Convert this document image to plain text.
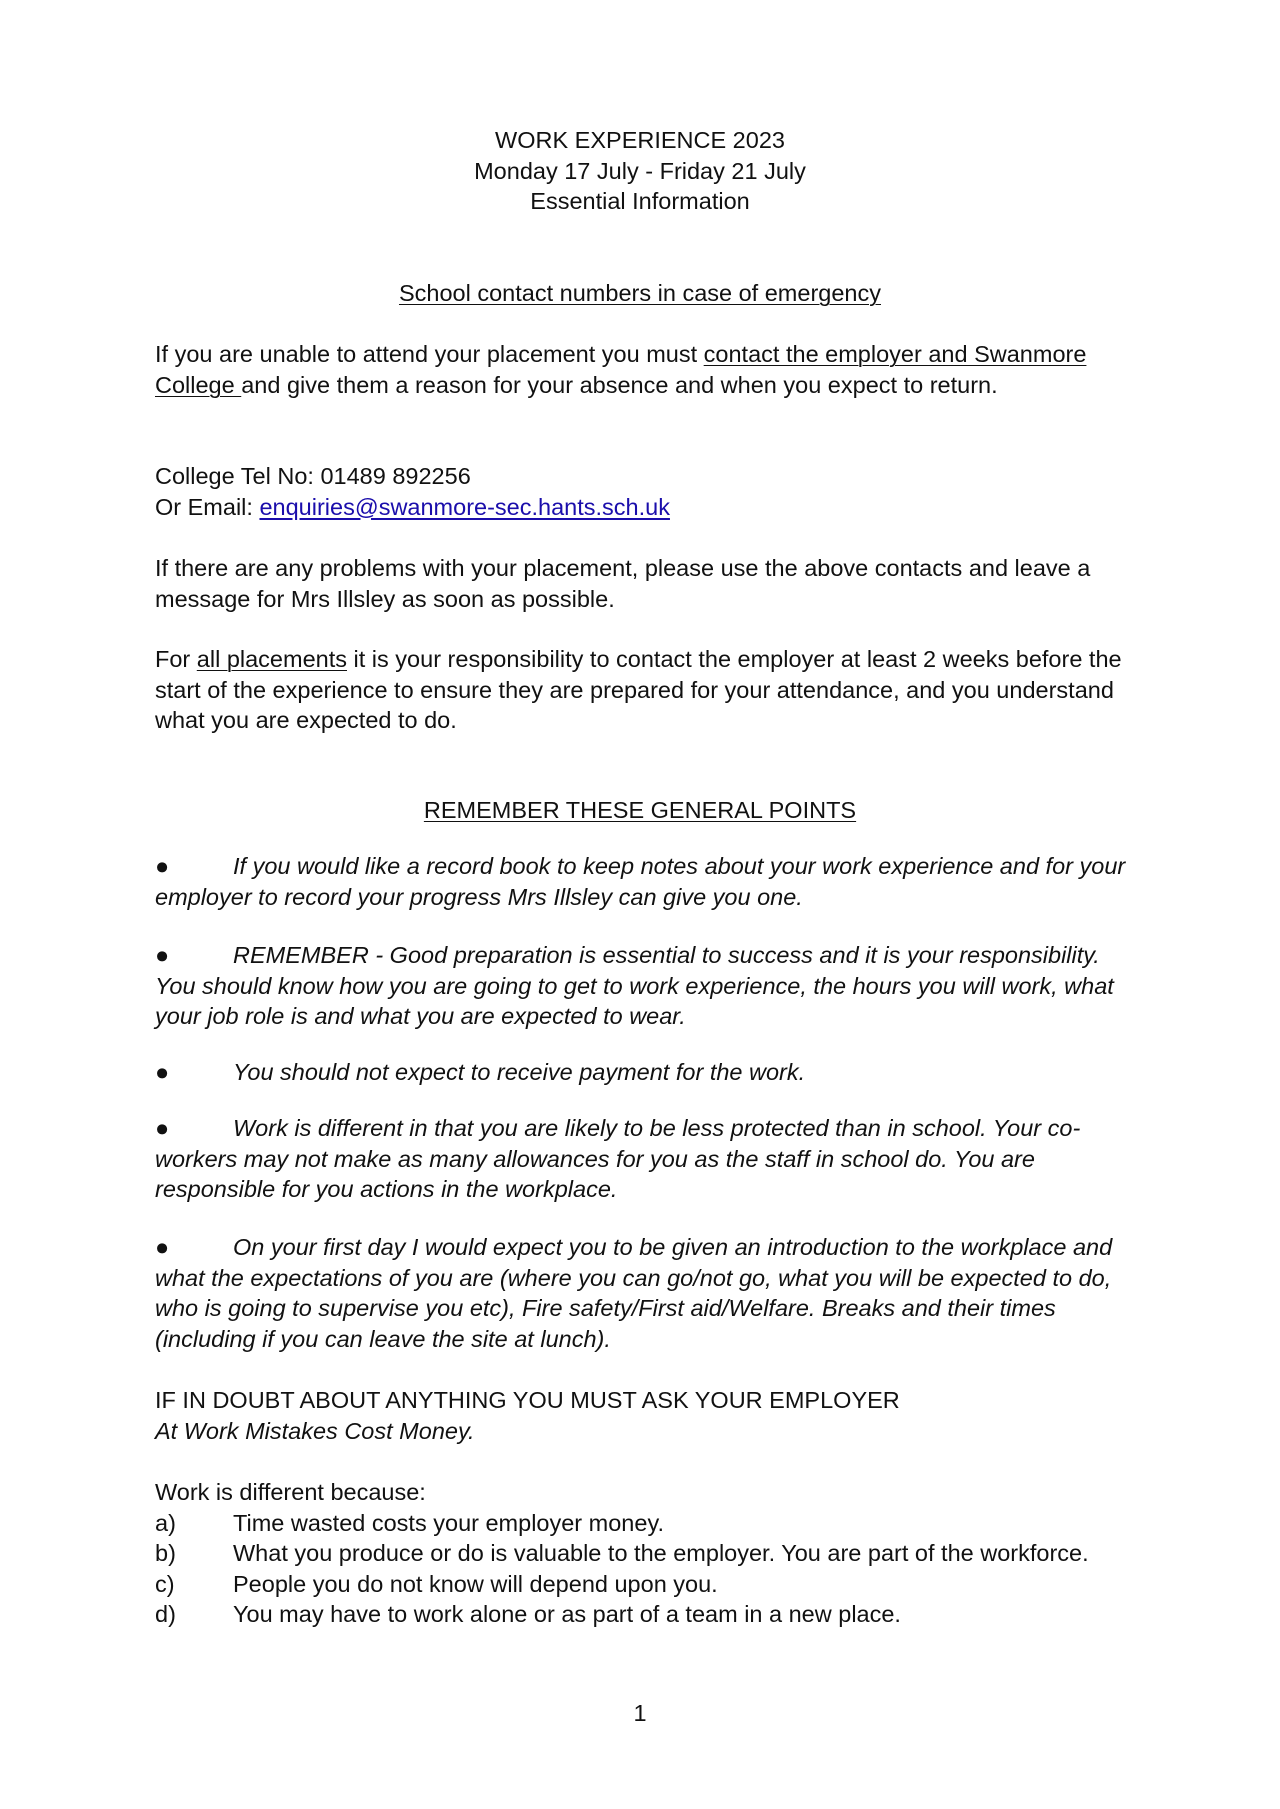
WORK EXPERIENCE 2023
Monday 17 July - Friday 21 July
Essential Information
School contact numbers in case of emergency

If you are unable to attend your placement you must contact the employer and Swanmore College and give them a reason for your absence and when you expect to return.

College Tel No: 01489 892256

Or Email: enquiries@swanmore-sec.hants.sch.uk

If there are any problems with your placement, please use the above contacts and leave a message for Mrs Illsley as soon as possible.

For all placements it is your responsibility to contact the employer at least 2 weeks before the start of the experience to ensure they are prepared for your attendance, and you understand what you are expected to do.

REMEMBER THESE GENERAL POINTS

●	If you would like a record book to keep notes about your work experience and for your employer to record your progress Mrs Illsley can give you one.

●	REMEMBER - Good preparation is essential to success and it is your responsibility. You should know how you are going to get to work experience, the hours you will work, what your job role is and what you are expected to wear.

●	You should not expect to receive payment for the work.

●	Work is different in that you are likely to be less protected than in school. Your co-workers may not make as many allowances for you as the staff in school do. You are responsible for you actions in the workplace.

●	On your first day I would expect you to be given an introduction to the workplace and what the expectations of you are (where you can go/not go, what you will be expected to do, who is going to supervise you etc), Fire safety/First aid/Welfare. Breaks and their times (including if you can leave the site at lunch).

IF IN DOUBT ABOUT ANYTHING YOU MUST ASK YOUR EMPLOYER

At Work Mistakes Cost Money.

Work is different because:

a) Time wasted costs your employer money.

b) What you produce or do is valuable to the employer. You are part of the workforce.

c) People you do not know will depend upon you.

d) You may have to work alone or as part of a team in a new place.

1
